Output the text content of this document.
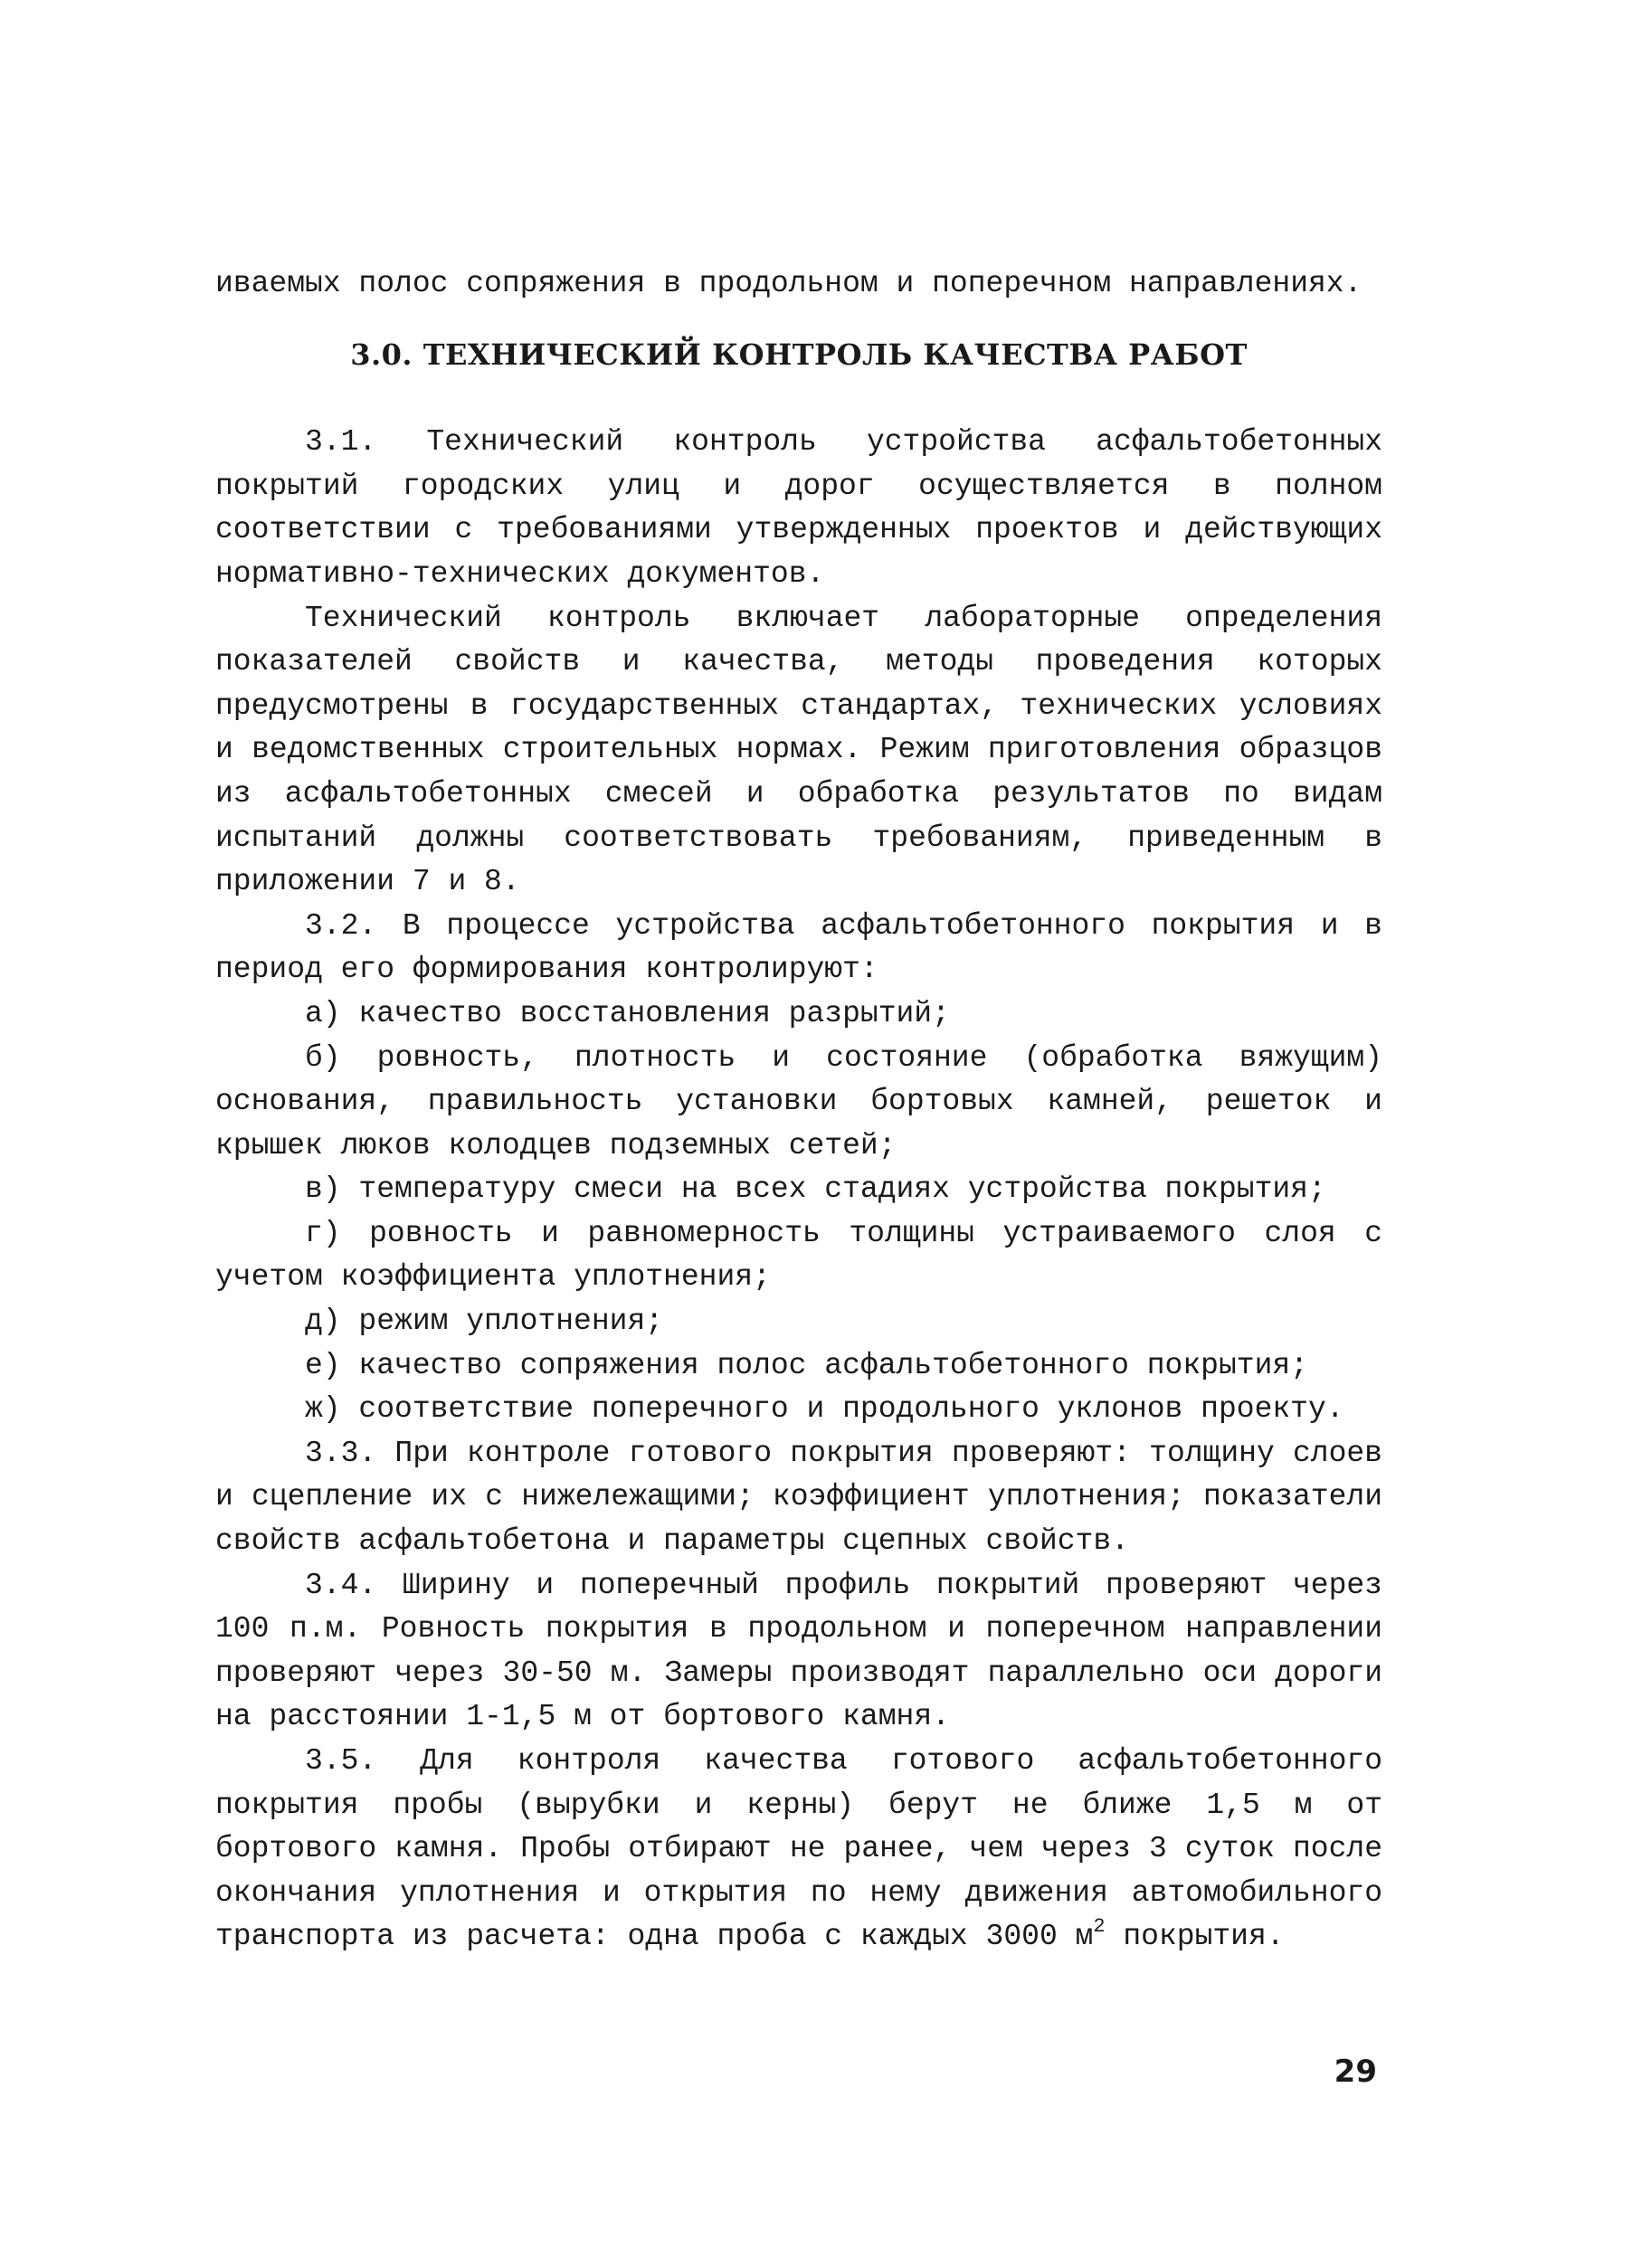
иваемых полос сопряжения в продольном и поперечном направлениях.

3.0. ТЕХНИЧЕСКИЙ КОНТРОЛЬ КАЧЕСТВА РАБОТ

3.1. Технический контроль устройства асфальтобетонных покрытий городских улиц и дорог осуществляется в полном соответствии с требованиями утвержденных проектов и действующих нормативно-технических документов.

Технический контроль включает лабораторные определения показателей свойств и качества, методы проведения которых предусмотрены в государственных стандартах, технических условиях и ведомственных строительных нормах. Режим приготовления образцов из асфальтобетонных смесей и обработка результатов по видам испытаний должны соответствовать требованиям, приведенным в приложении 7 и 8.

3.2. В процессе устройства асфальтобетонного покрытия и в период его формирования контролируют:

а) качество восстановления разрытий;

б) ровность, плотность и состояние (обработка вяжущим) основания, правильность установки бортовых камней, решеток и крышек люков колодцев подземных сетей;

в) температуру смеси на всех стадиях устройства покрытия;

г) ровность и равномерность толщины устраиваемого слоя с учетом коэффициента уплотнения;

д) режим уплотнения;

е) качество сопряжения полос асфальтобетонного покрытия;

ж) соответствие поперечного и продольного уклонов проекту.

3.3. При контроле готового покрытия проверяют: толщину слоев и сцепление их с нижележащими; коэффициент уплотнения; показатели свойств асфальтобетона и параметры сцепных свойств.

3.4. Ширину и поперечный профиль покрытий проверяют через 100 п.м. Ровность покрытия в продольном и поперечном направлении проверяют через 30-50 м. Замеры производят параллельно оси дороги на расстоянии 1-1,5 м от бортового камня.

3.5. Для контроля качества готового асфальтобетонного покрытия пробы (вырубки и керны) берут не ближе 1,5 м от бортового камня. Пробы отбирают не ранее, чем через 3 суток после окончания уплотнения и открытия по нему движения автомобильного транспорта из расчета: одна проба с каждых 3000 $м^2$ покрытия.

29
